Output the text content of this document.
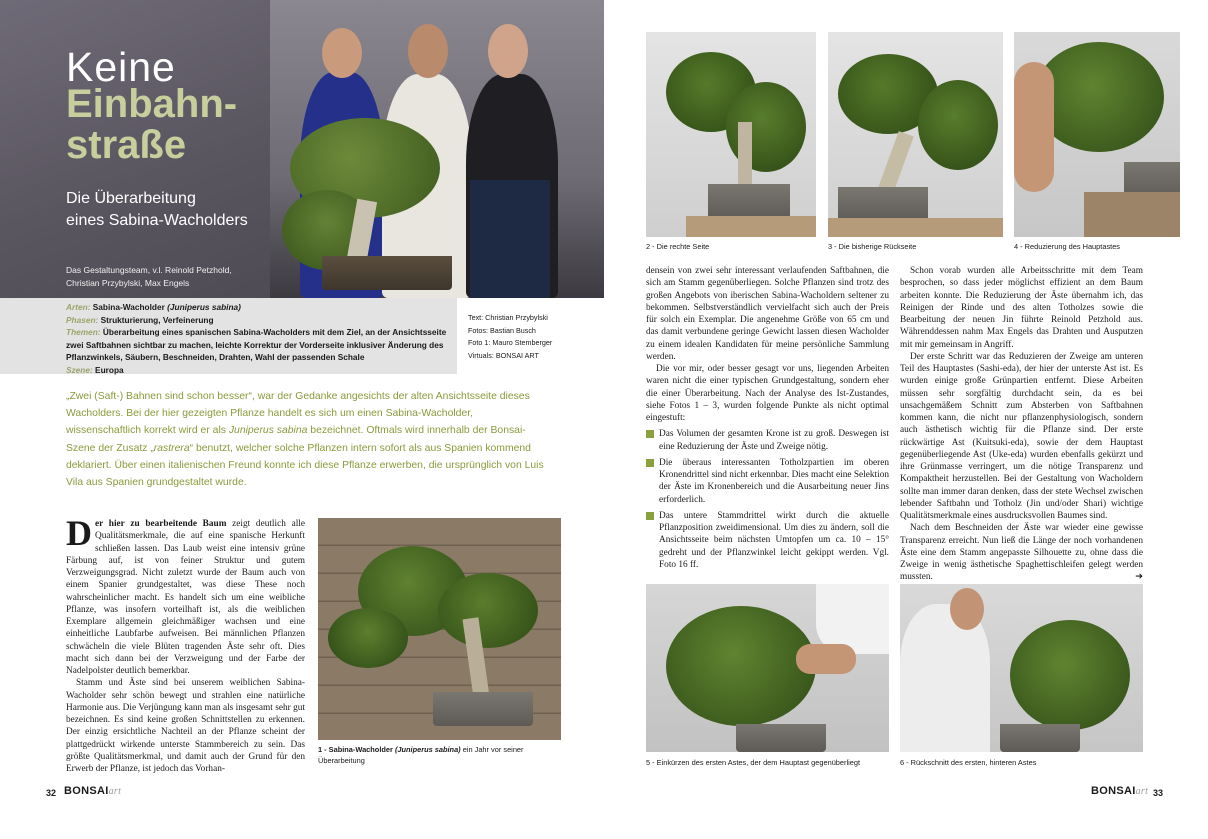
Keine
Einbahn-
straße
Die Überarbeitung
eines Sabina-Wacholders
Das Gestaltungsteam, v.l. Reinold Petzhold,
Christian Przybylski, Max Engels
Arten: Sabina-Wacholder (Juniperus sabina)
Phasen: Strukturierung, Verfeinerung
Themen: Überarbeitung eines spanischen Sabina-Wacholders mit dem Ziel, an der Ansichtsseite zwei Saftbahnen sichtbar zu machen, leichte Korrektur der Vorderseite inklusiver Änderung des Pflanzwinkels, Säubern, Beschneiden, Drahten, Wahl der passenden Schale
Szene: Europa
Text: Christian Przybylski
Fotos: Bastian Busch
Foto 1: Mauro Stemberger
Virtuals: BONSAI ART
„Zwei (Saft-) Bahnen sind schon besser“, war der Gedanke angesichts der alten Ansichtsseite dieses Wacholders. Bei der hier gezeigten Pflanze handelt es sich um einen Sabina-Wacholder, wissenschaftlich korrekt wird er als Juniperus sabina bezeichnet. Oftmals wird innerhalb der Bonsai-Szene der Zusatz „rastrera“ benutzt, welcher solche Pflanzen intern sofort als aus Spanien kommend deklariert. Über einen italienischen Freund konnte ich diese Pflanze erwerben, die ursprünglich von Luis Vila aus Spanien grundgestaltet wurde.

Der hier zu bearbeitende Baum zeigt deutlich alle Qualitätsmerkmale, die auf eine spanische Herkunft schließen lassen. Das Laub weist eine intensiv grüne Färbung auf, ist von feiner Struktur und gutem Verzweigungsgrad. Nicht zuletzt wurde der Baum auch von einem Spanier grundgestaltet, was diese These noch wahrscheinlicher macht. Es handelt sich um eine weibliche Pflanze, was insofern vorteilhaft ist, als die weiblichen Exemplare allgemein gleichmäßiger wachsen und eine einheitliche Laubfarbe aufweisen. Bei männlichen Pflanzen schwächeln die viele Blüten tragenden Äste sehr oft. Dies macht sich dann bei der Verzweigung und der Farbe der Nadelpolster deutlich bemerkbar.

Stamm und Äste sind bei unserem weiblichen Sabina-Wacholder sehr schön bewegt und strahlen eine natürliche Harmonie aus. Die Verjüngung kann man als insgesamt sehr gut bezeichnen. Es sind keine großen Schnittstellen zu erkennen. Der einzig ersichtliche Nachteil an der Pflanze scheint der plattgedrückt wirkende unterste Stammbereich zu sein. Das größte Qualitätsmerkmal, und damit auch der Grund für den Erwerb der Pflanze, ist jedoch das Vorhan-

1 - Sabina-Wacholder (Juniperus sabina) ein Jahr vor seiner Überarbeitung
32 BONSAIart
2 - Die rechte Seite	3 - Die bisherige Rückseite	4 - Reduzierung des Hauptastes

densein von zwei sehr interessant verlaufenden Saftbahnen, die sich am Stamm gegenüberliegen. Solche Pflanzen sind trotz des großen Angebots von iberischen Sabina-Wacholdern seltener zu bekommen. Selbstverständlich vervielfacht sich auch der Preis für solch ein Exemplar. Die angenehme Größe von 65 cm und das damit verbundene geringe Gewicht lassen diesen Wacholder zu einem idealen Kandidaten für meine persönliche Sammlung werden.

Die vor mir, oder besser gesagt vor uns, liegenden Arbeiten waren nicht die einer typischen Grundgestaltung, sondern eher die einer Überarbeitung. Nach der Analyse des Ist-Zustandes, siehe Fotos 1 – 3, wurden folgende Punkte als nicht optimal eingestuft:

Das Volumen der gesamten Krone ist zu groß. Deswegen ist eine Reduzierung der Äste und Zweige nötig.

Die überaus interessanten Totholzpartien im oberen Kronendrittel sind nicht erkennbar. Dies macht eine Selektion der Äste im Kronenbereich und die Ausarbeitung neuer Jins erforderlich.

Das untere Stammdrittel wirkt durch die aktuelle Pflanzposition zweidimensional. Um dies zu ändern, soll die Ansichtsseite beim nächsten Umtopfen um ca. 10 – 15° gedreht und der Pflanzwinkel leicht gekippt werden. Vgl. Foto 16 ff.

Schon vorab wurden alle Arbeitsschritte mit dem Team besprochen, so dass jeder möglichst effizient an dem Baum arbeiten konnte. Die Reduzierung der Äste übernahm ich, das Reinigen der Rinde und des alten Totholzes sowie die Bearbeitung der neuen Jin führte Reinold Petzhold aus. Währenddessen nahm Max Engels das Drahten und Ausputzen mit mir gemeinsam in Angriff.

Der erste Schritt war das Reduzieren der Zweige am unteren Teil des Hauptastes (Sashi-eda), der hier der unterste Ast ist. Es wurden einige große Grünpartien entfernt. Diese Arbeiten müssen sehr sorgfältig durchdacht sein, da es bei unsachgemäßem Schnitt zum Absterben von Saftbahnen kommen kann, die nicht nur pflanzenphysiologisch, sondern auch ästhetisch wichtig für die Pflanze sind. Der erste rückwärtige Ast (Kuitsuki-eda), sowie der dem Hauptast gegenüberliegende Ast (Uke-eda) wurden ebenfalls gekürzt und ihre Grünmasse verringert, um die nötige Transparenz und Kompaktheit herzustellen. Bei der Gestaltung von Wacholdern sollte man immer daran denken, dass der stete Wechsel zwischen lebender Saftbahn und Totholz (Jin und/oder Shari) wichtige Qualitätsmerkmale eines ausdrucksvollen Baumes sind.

Nach dem Beschneiden der Äste war wieder eine gewisse Transparenz erreicht. Nun ließ die Länge der noch vorhandenen Äste eine dem Stamm angepasste Silhouette zu, ohne dass die Zweige in wenig ästhetische Spaghettischleifen gelegt werden mussten.	➔

5 - Einkürzen des ersten Astes, der dem Hauptast gegenüberliegt	6 - Rückschnitt des ersten, hinteren Astes
BONSAIart 33
